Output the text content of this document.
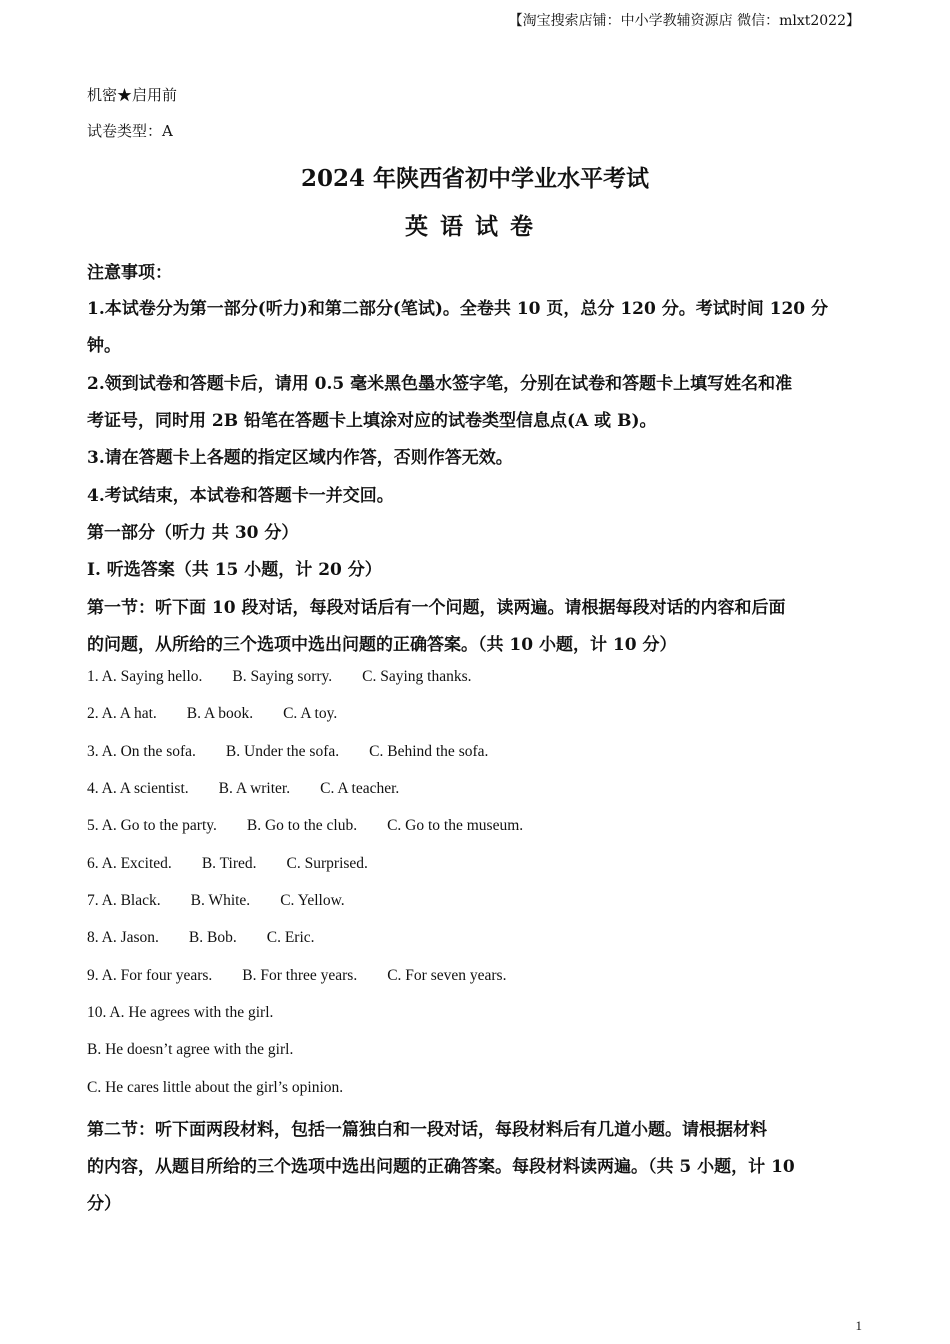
【淘宝搜索店铺：中小学教辅资源店 微信：mlxt2022】
机密★启用前
试卷类型：A
2024 年陕西省初中学业水平考试
英语试卷
注意事项：
1.本试卷分为第一部分(听力)和第二部分(笔试)。全卷共 10 页，总分 120 分。考试时间 120 分
钟。
2.领到试卷和答题卡后，请用 0.5 毫米黑色墨水签字笔，分别在试卷和答题卡上填写姓名和准
考证号，同时用 2B 铅笔在答题卡上填涂对应的试卷类型信息点(A 或 B)。
3.请在答题卡上各题的指定区域内作答，否则作答无效。
4.考试结束，本试卷和答题卡一并交回。
第一部分（听力 共 30 分）
I. 听选答案（共 15 小题，计 20 分）
第一节：听下面 10 段对话，每段对话后有一个问题，读两遍。请根据每段对话的内容和后面
的问题，从所给的三个选项中选出问题的正确答案。（共 10 小题，计 10 分）
1. A. Saying hello. B. Saying sorry. C. Saying thanks.
2. A. A hat. B. A book. C. A toy.
3. A. On the sofa. B. Under the sofa. C. Behind the sofa.
4. A. A scientist. B. A writer. C. A teacher.
5. A. Go to the party. B. Go to the club. C. Go to the museum.
6. A. Excited. B. Tired. C. Surprised.
7. A. Black. B. White. C. Yellow.
8. A. Jason. B. Bob. C. Eric.
9. A. For four years. B. For three years. C. For seven years.
10. A. He agrees with the girl.
B. He doesn’t agree with the girl.
C. He cares little about the girl’s opinion.
第二节：听下面两段材料，包括一篇独白和一段对话，每段材料后有几道小题。请根据材料
的内容，从题目所给的三个选项中选出问题的正确答案。每段材料读两遍。（共 5 小题，计 10
分）
1
